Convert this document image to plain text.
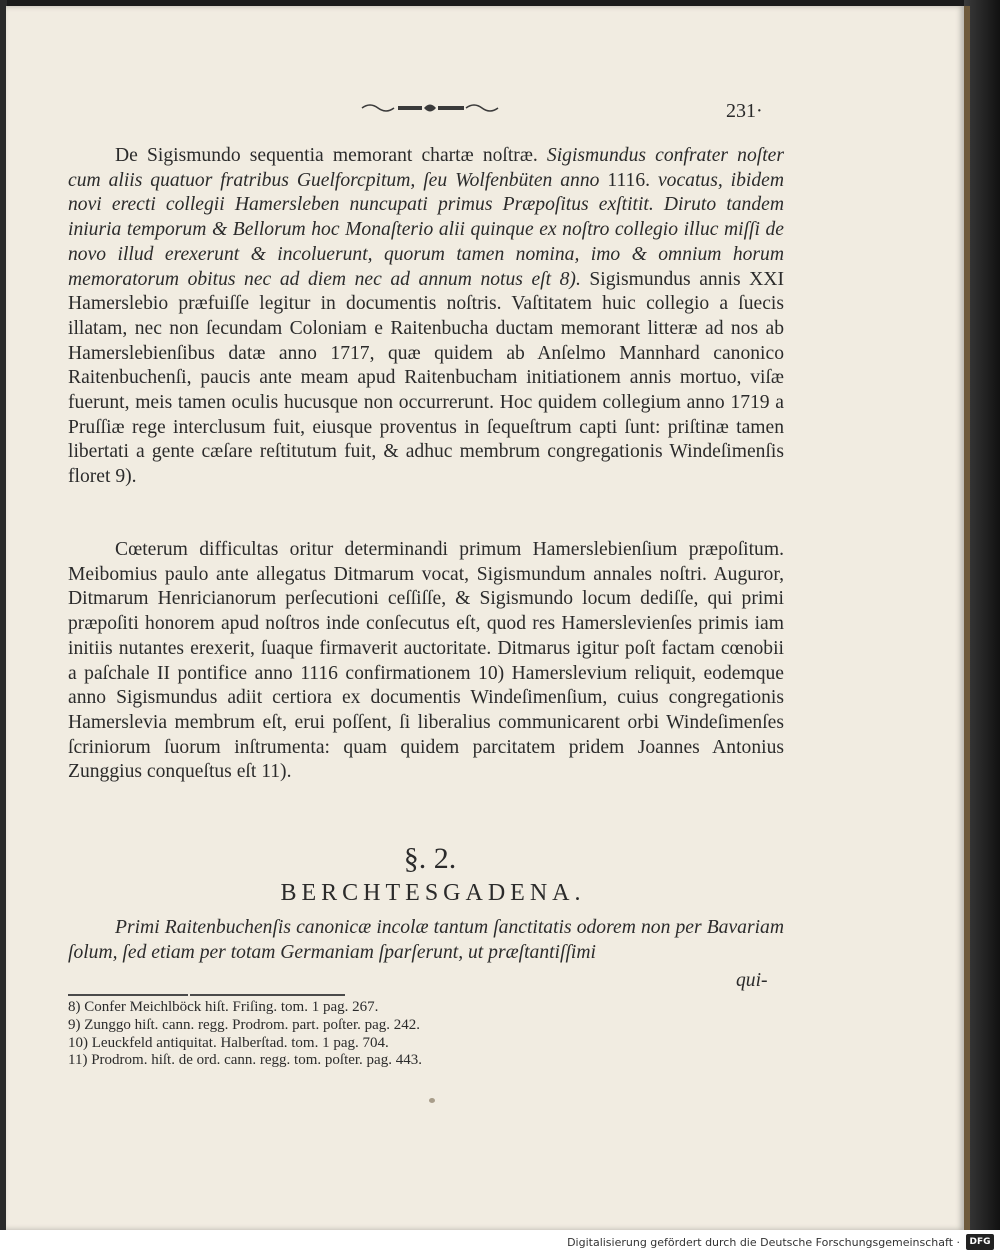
231·
De Sigismundo sequentia memorant chartæ noſtræ. Sigismundus confrater noſter cum aliis quatuor fratribus Guelforcpitum, ſeu Wolfenbüten anno 1116. vocatus, ibidem novi erecti collegii Hamersleben nuncupati primus Præpoſitus exſtitit. Diruto tandem iniuria temporum & Bellorum hoc Monaſterio alii quinque ex noſtro collegio illuc miſſi de novo illud erexerunt & incoluerunt, quorum tamen nomina, imo & omnium horum memoratorum obitus nec ad diem nec ad annum notus eſt 8). Sigismundus annis XXI Hamerslebio præfuiſſe legitur in documentis noſtris. Vaſtitatem huic collegio a ſuecis illatam, nec non ſecundam Coloniam e Raitenbucha ductam memorant litteræ ad nos ab Hamerslebienſibus datæ anno 1717, quæ quidem ab Anſelmo Mannhard canonico Raitenbuchenſi, paucis ante meam apud Raitenbucham initiationem annis mortuo, viſæ fuerunt, meis tamen oculis hucusque non occurrerunt. Hoc quidem collegium anno 1719 a Pruſſiæ rege interclusum fuit, eiusque proventus in ſequeſtrum capti ſunt: priſtinæ tamen libertati a gente cæſare reſtitutum fuit, & adhuc membrum congregationis Windeſimenſis floret 9).
Cœterum difficultas oritur determinandi primum Hamerslebienſium præpoſitum. Meibomius paulo ante allegatus Ditmarum vocat, Sigismundum annales noſtri. Auguror, Ditmarum Henricianorum perſecutioni ceſſiſſe, & Sigismundo locum dediſſe, qui primi præpoſiti honorem apud noſtros inde conſecutus eſt, quod res Hamerslevienſes primis iam initiis nutantes erexerit, ſuaque firmaverit auctoritate. Ditmarus igitur poſt factam cœnobii a paſchale II pontifice anno 1116 confirmationem 10) Hamerslevium reliquit, eodemque anno Sigismundus adiit certiora ex documentis Windeſimenſium, cuius congregationis Hamerslevia membrum eſt, erui poſſent, ſi liberalius communicarent orbi Windeſimenſes ſcriniorum ſuorum inſtrumenta: quam quidem parcitatem pridem Joannes Antonius Zunggius conqueſtus eſt 11).
§. 2.
BERCHTESGADENA.
Primi Raitenbuchenſis canonicæ incolæ tantum ſanctitatis odorem non per Bavariam ſolum, ſed etiam per totam Germaniam ſparſerunt, ut præſtantiſſimi
qui-
8) Confer Meichlböck hiſt. Friſing. tom. 1 pag. 267.
9) Zunggo hiſt. cann. regg. Prodrom. part. poſter. pag. 242.
10) Leuckfeld antiquitat. Halberſtad. tom. 1 pag. 704.
11) Prodrom. hiſt. de ord. cann. regg. tom. poſter. pag. 443.
Digitalisierung gefördert durch die Deutsche Forschungsgemeinschaft ·	DFG
